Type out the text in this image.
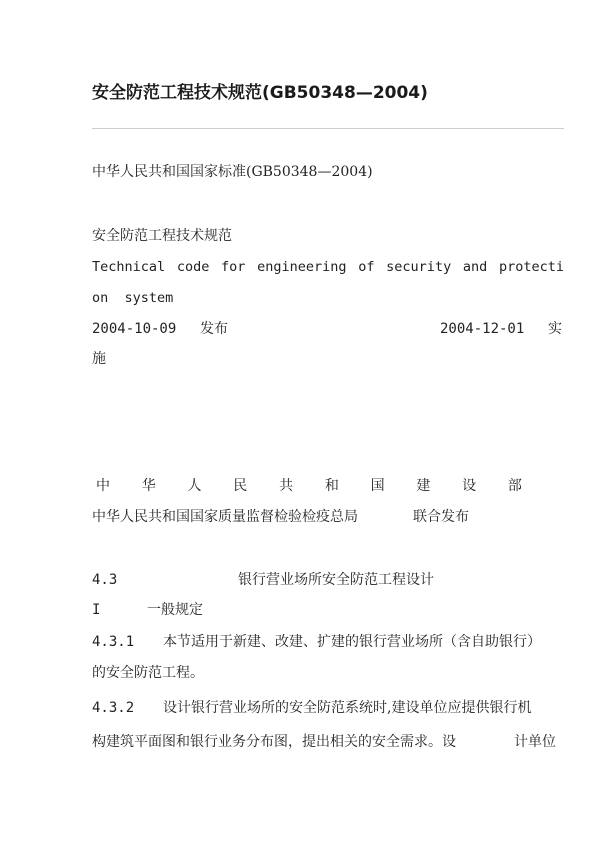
安全防范工程技术规范(GB50348—2004)
中华人民共和国国家标准(GB50348—2004)
安全防范工程技术规范
Technical code for engineering of security and protecti
on  system
2004-10-09 发布	2004-12-01 实
施
中 华 人 民 共 和 国 建 设 部
中华人民共和国国家质量监督检验检疫总局	联合发布
4.3	银行营业场所安全防范工程设计
I	一般规定
4.3.1 本节适用于新建、改建、扩建的银行营业场所（含自助银行）
的安全防范工程。
4.3.2 设计银行营业场所的安全防范系统时,建设单位应提供银行机
构建筑平面图和银行业务分布图，提出相关的安全需求。设	计单位
